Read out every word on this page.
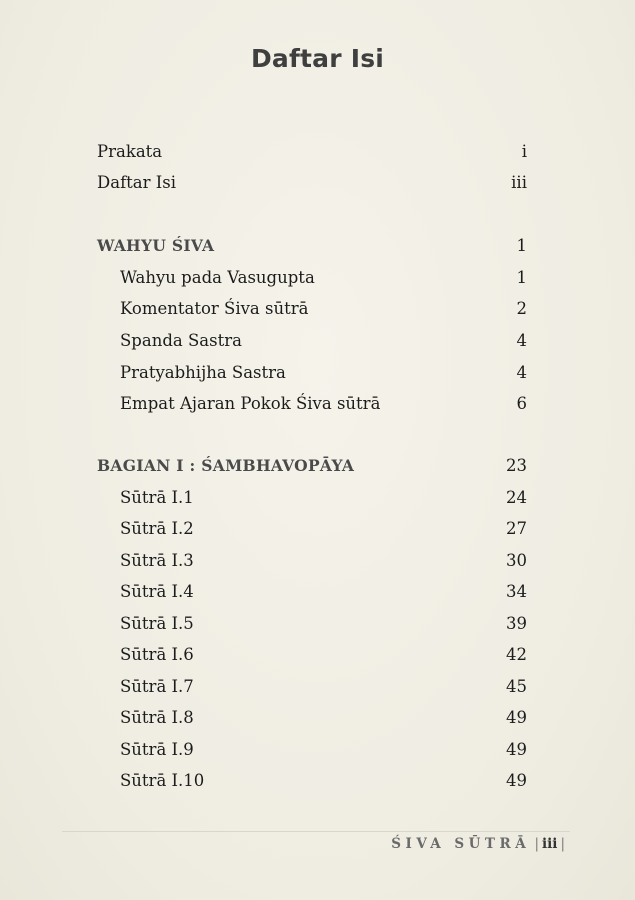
Daftar Isi
Prakata	i
Daftar Isi	iii
WAHYU ŚIVA	1
Wahyu pada Vasugupta	1
Komentator Śiva sūtrā	2
Spanda Sastra	4
Pratyabhijha Sastra	4
Empat Ajaran Pokok Śiva sūtrā	6
BAGIAN I : ŚAMBHAVOPĀYA	23
Sūtrā I.1	24
Sūtrā I.2	27
Sūtrā I.3	30
Sūtrā I.4	34
Sūtrā I.5	39
Sūtrā I.6	42
Sūtrā I.7	45
Sūtrā I.8	49
Sūtrā I.9	49
Sūtrā I.10	49
ŚIVA SŪTRĀ | iii |
